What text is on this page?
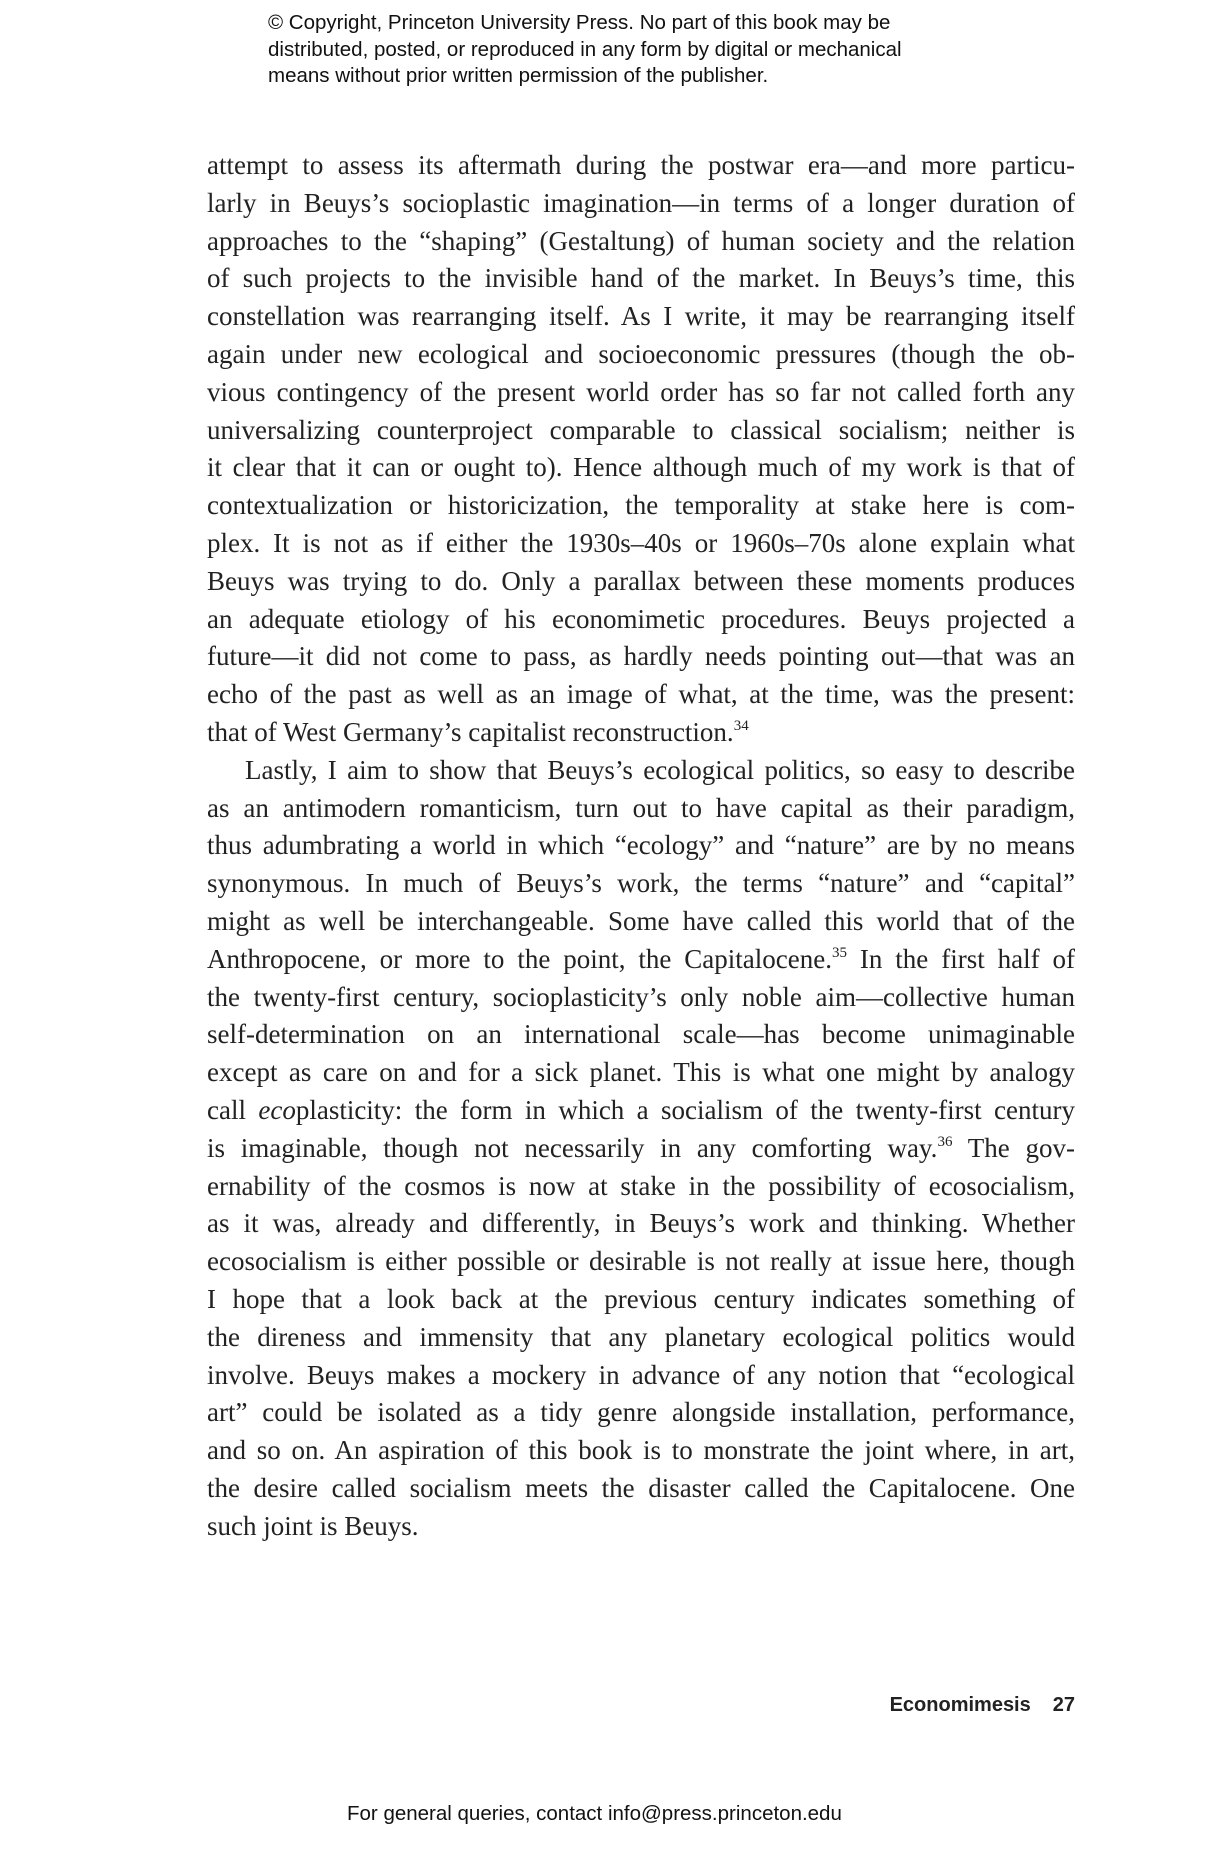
© Copyright, Princeton University Press. No part of this book may be
distributed, posted, or reproduced in any form by digital or mechanical
means without prior written permission of the publisher.
attempt to assess its aftermath during the postwar era—and more particu-
larly in Beuys’s socioplastic imagination—in terms of a longer duration of
approaches to the “shaping” (Gestaltung) of human society and the relation
of such projects to the invisible hand of the market. In Beuys’s time, this
constellation was rearranging itself. As I write, it may be rearranging itself
again under new ecological and socioeconomic pressures (though the ob-
vious contingency of the present world order has so far not called forth any
universalizing counterproject comparable to classical socialism; neither is
it clear that it can or ought to). Hence although much of my work is that of
contextualization or historicization, the temporality at stake here is com-
plex. It is not as if either the 1930s–40s or 1960s–70s alone explain what
Beuys was trying to do. Only a parallax between these moments produces
an adequate etiology of his economimetic procedures. Beuys projected a
future—it did not come to pass, as hardly needs pointing out—that was an
echo of the past as well as an image of what, at the time, was the present:
that of West Germany’s capitalist reconstruction.$^{34}$
Lastly, I aim to show that Beuys’s ecological politics, so easy to describe
as an antimodern romanticism, turn out to have capital as their paradigm,
thus adumbrating a world in which “ecology” and “nature” are by no means
synonymous. In much of Beuys’s work, the terms “nature” and “capital”
might as well be interchangeable. Some have called this world that of the
Anthropocene, or more to the point, the Capitalocene.$^{35}$ In the first half of
the twenty-first century, socioplasticity’s only noble aim—collective human
self-determination on an international scale—has become unimaginable
except as care on and for a sick planet. This is what one might by analogy
call ecoplasticity: the form in which a socialism of the twenty-first century
is imaginable, though not necessarily in any comforting way.$^{36}$ The gov-
ernability of the cosmos is now at stake in the possibility of ecosocialism,
as it was, already and differently, in Beuys’s work and thinking. Whether
ecosocialism is either possible or desirable is not really at issue here, though
I hope that a look back at the previous century indicates something of
the direness and immensity that any planetary ecological politics would
involve. Beuys makes a mockery in advance of any notion that “ecological
art” could be isolated as a tidy genre alongside installation, performance,
and so on. An aspiration of this book is to monstrate the joint where, in art,
the desire called socialism meets the disaster called the Capitalocene. One
such joint is Beuys.
Economimesis 27
For general queries, contact info@press.princeton.edu
